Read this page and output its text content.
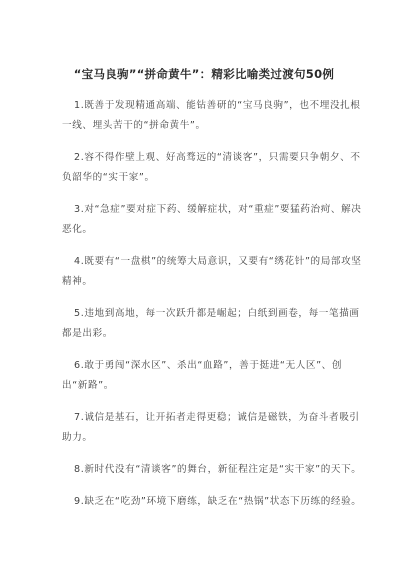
“宝马良驹”“拼命黄牛”：精彩比喻类过渡句50例

1.既善于发现精通高端、能钻善研的“宝马良驹”，也不埋没扎根一线、埋头苦干的“拼命黄牛”。

2.容不得作壁上观、好高骛远的“清谈客”，只需要只争朝夕、不负韶华的“实干家”。

3.对“急症”要对症下药、缓解症状，对“重症”要猛药治疴、解决恶化。

4.既要有“一盘棋”的统筹大局意识，又要有“绣花针”的局部攻坚精神。

5.违地到高地，每一次跃升都是崛起；白纸到画卷，每一笔描画都是出彩。

6.敢于勇闯“深水区”、杀出“血路”，善于挺进“无人区”、创出“新路”。

7.诚信是基石，让开拓者走得更稳；诚信是磁铁，为奋斗者吸引助力。

8.新时代没有“清谈客”的舞台，新征程注定是“实干家”的天下。

9.缺乏在“吃劲”环境下磨练，缺乏在“热锅”状态下历练的经验。
